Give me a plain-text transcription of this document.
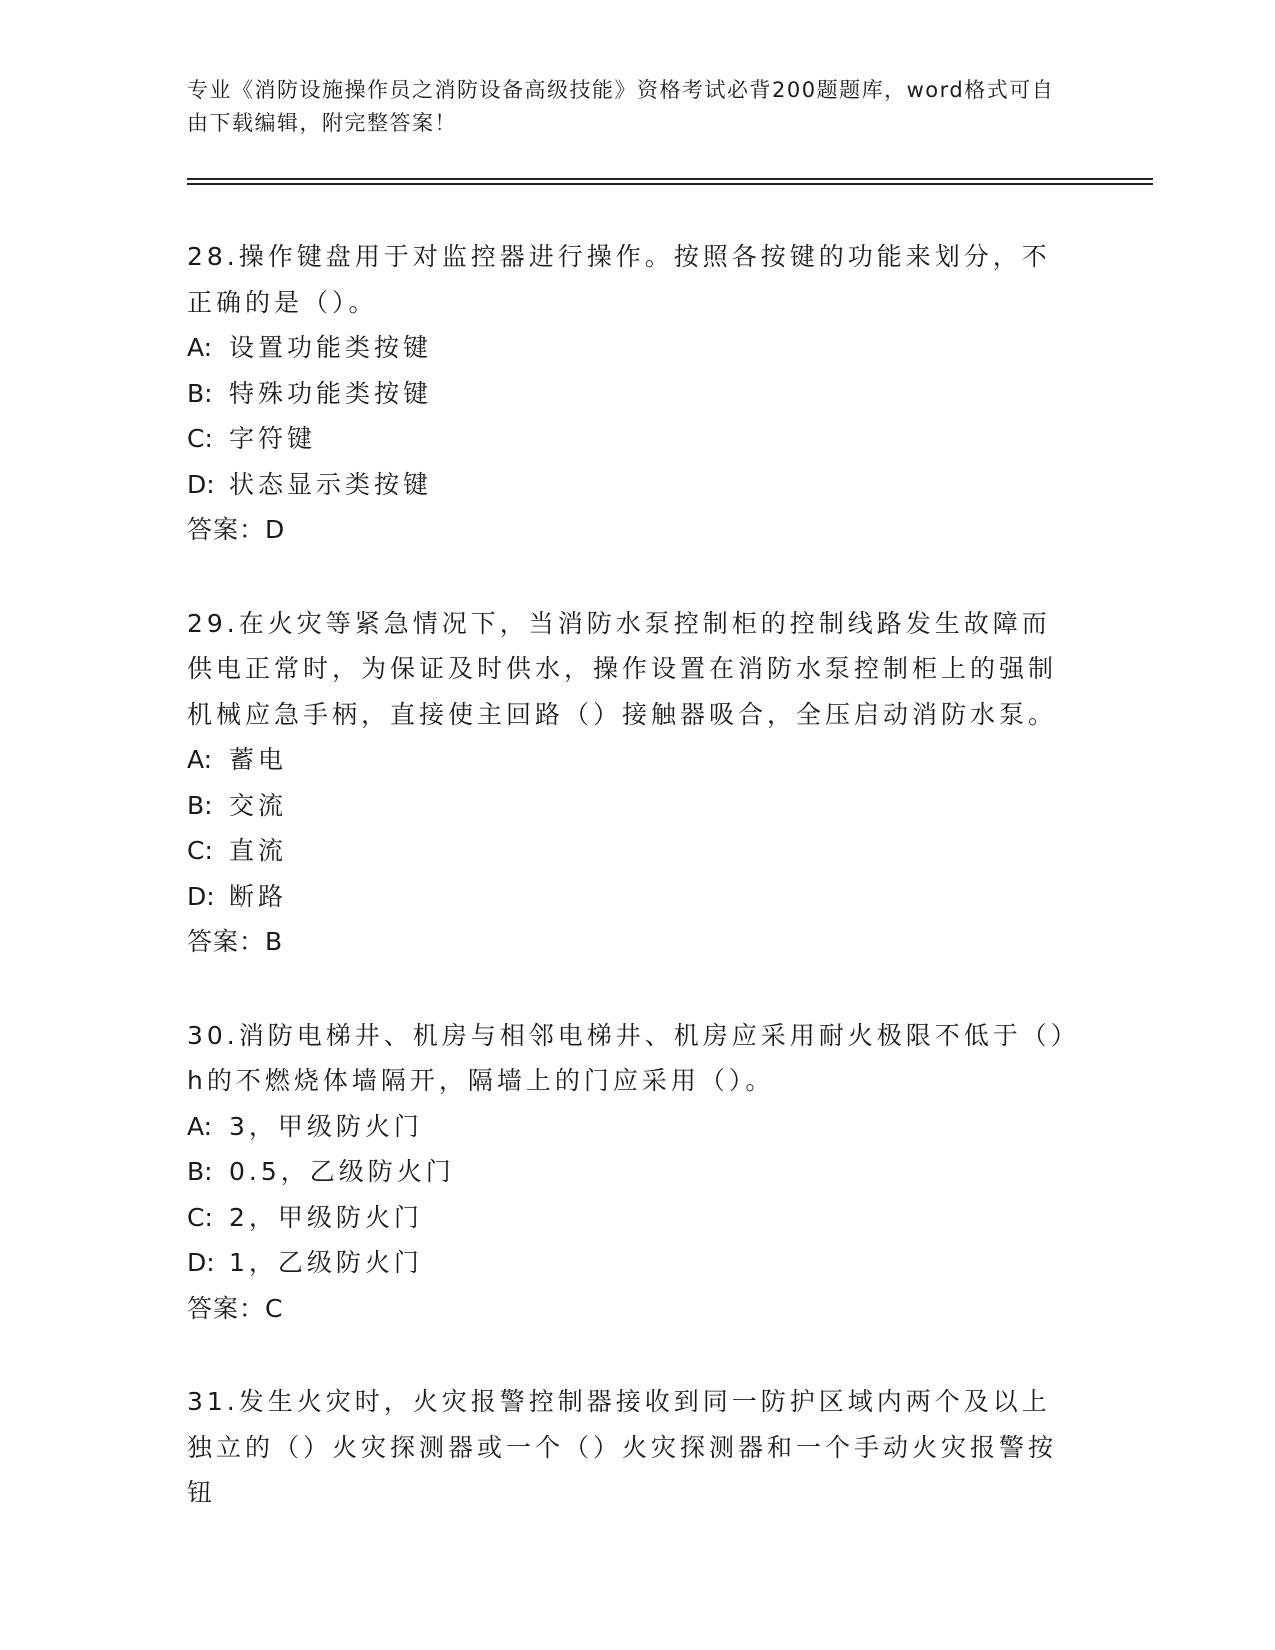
专业《消防设施操作员之消防设备高级技能》资格考试必背200题题库，word格式可自由下载编辑，附完整答案！

28.操作键盘用于对监控器进行操作。按照各按键的功能来划分，不正确的是（）。

A: 设置功能类按键

B: 特殊功能类按键

C: 字符键

D: 状态显示类按键

答案：D

29.在火灾等紧急情况下，当消防水泵控制柜的控制线路发生故障而供电正常时，为保证及时供水，操作设置在消防水泵控制柜上的强制机械应急手柄，直接使主回路（）接触器吸合，全压启动消防水泵。

A: 蓄电

B: 交流

C: 直流

D: 断路

答案：B

30.消防电梯井、机房与相邻电梯井、机房应采用耐火极限不低于（）h的不燃烧体墙隔开，隔墙上的门应采用（）。

A: 3，甲级防火门

B: 0.5，乙级防火门

C: 2，甲级防火门

D: 1，乙级防火门

答案：C

31.发生火灾时，火灾报警控制器接收到同一防护区域内两个及以上独立的（）火灾探测器或一个（）火灾探测器和一个手动火灾报警按钮
